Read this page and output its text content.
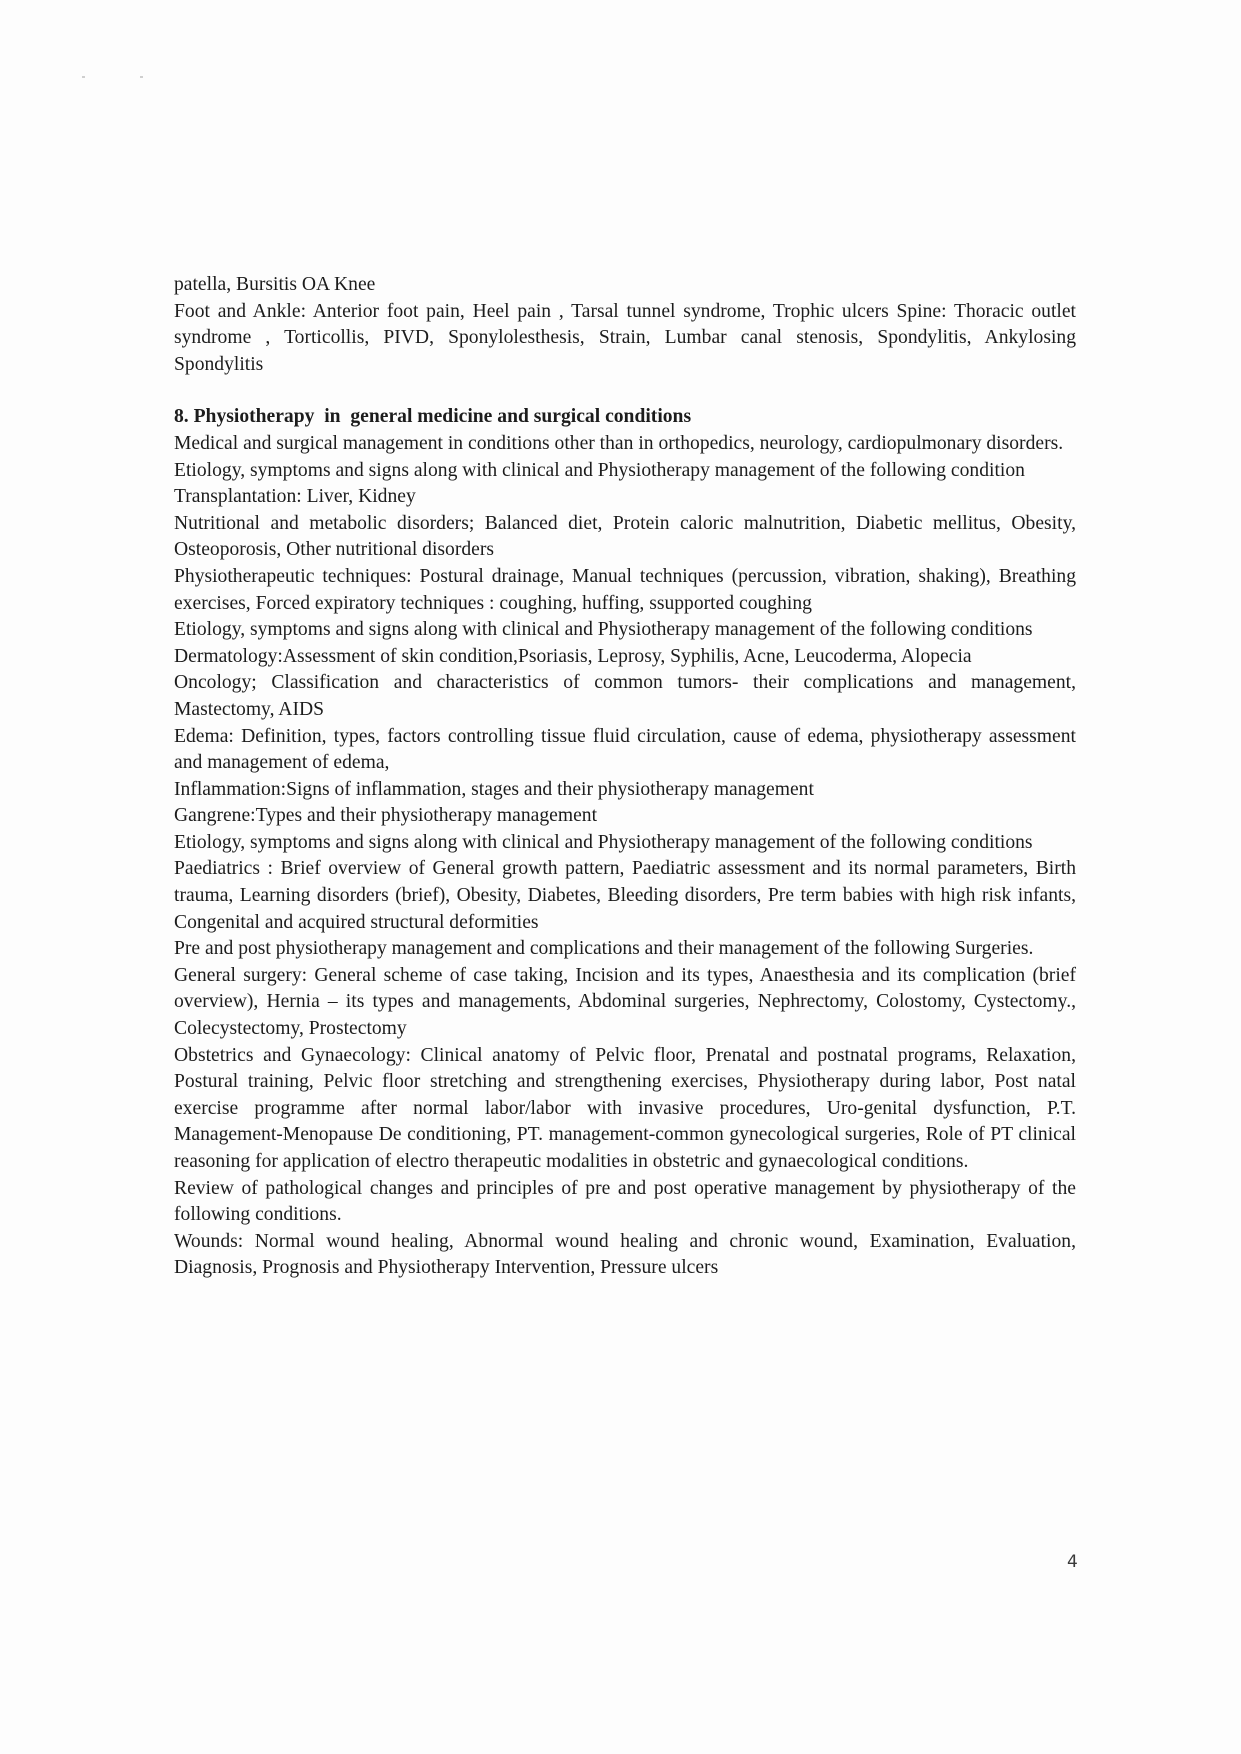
patella, Bursitis OA Knee

Foot and Ankle: Anterior foot pain, Heel pain , Tarsal tunnel syndrome, Trophic ulcers Spine: Thoracic outlet syndrome , Torticollis, PIVD, Sponylolesthesis, Strain, Lumbar canal stenosis, Spondylitis, Ankylosing Spondylitis

8. Physiotherapy  in  general medicine and surgical conditions

Medical and surgical management in conditions other than in orthopedics, neurology, cardiopulmonary disorders.

Etiology, symptoms and signs along with clinical and Physiotherapy management of the following condition

Transplantation: Liver, Kidney

Nutritional and metabolic disorders; Balanced diet, Protein caloric malnutrition, Diabetic mellitus, Obesity, Osteoporosis, Other nutritional disorders

Physiotherapeutic techniques: Postural drainage, Manual techniques (percussion, vibration, shaking), Breathing exercises, Forced expiratory techniques : coughing, huffing, ssupported coughing

Etiology, symptoms and signs along with clinical and Physiotherapy management of the following conditions

Dermatology:Assessment of skin condition,Psoriasis, Leprosy, Syphilis, Acne, Leucoderma, Alopecia

Oncology; Classification and characteristics of common tumors- their complications and management, Mastectomy, AIDS

Edema: Definition, types, factors controlling tissue fluid circulation, cause of edema, physiotherapy assessment and management of edema,

Inflammation:Signs of inflammation, stages and their physiotherapy management

Gangrene:Types and their physiotherapy management

Etiology, symptoms and signs along with clinical and Physiotherapy management of the following conditions

Paediatrics : Brief overview of General growth pattern, Paediatric assessment and its normal parameters, Birth trauma, Learning disorders (brief), Obesity, Diabetes, Bleeding disorders, Pre term babies with high risk infants, Congenital and acquired structural deformities

Pre and post physiotherapy management and complications and their management of the following Surgeries.

General surgery: General scheme of case taking, Incision and its types, Anaesthesia and its complication (brief overview), Hernia – its types and managements, Abdominal surgeries, Nephrectomy, Colostomy, Cystectomy., Colecystectomy, Prostectomy

Obstetrics and Gynaecology: Clinical anatomy of Pelvic floor, Prenatal and postnatal programs, Relaxation, Postural training, Pelvic floor stretching and strengthening exercises, Physiotherapy during labor, Post natal exercise programme after normal labor/labor with invasive procedures, Uro-genital dysfunction, P.T. Management-Menopause De conditioning, PT. management-common gynecological surgeries, Role of PT clinical reasoning for application of electro therapeutic modalities in obstetric and gynaecological conditions.

Review of pathological changes and principles of pre and post operative management by physiotherapy of the following conditions.

Wounds: Normal wound healing, Abnormal wound healing and chronic wound, Examination, Evaluation, Diagnosis, Prognosis and Physiotherapy Intervention, Pressure ulcers

4
